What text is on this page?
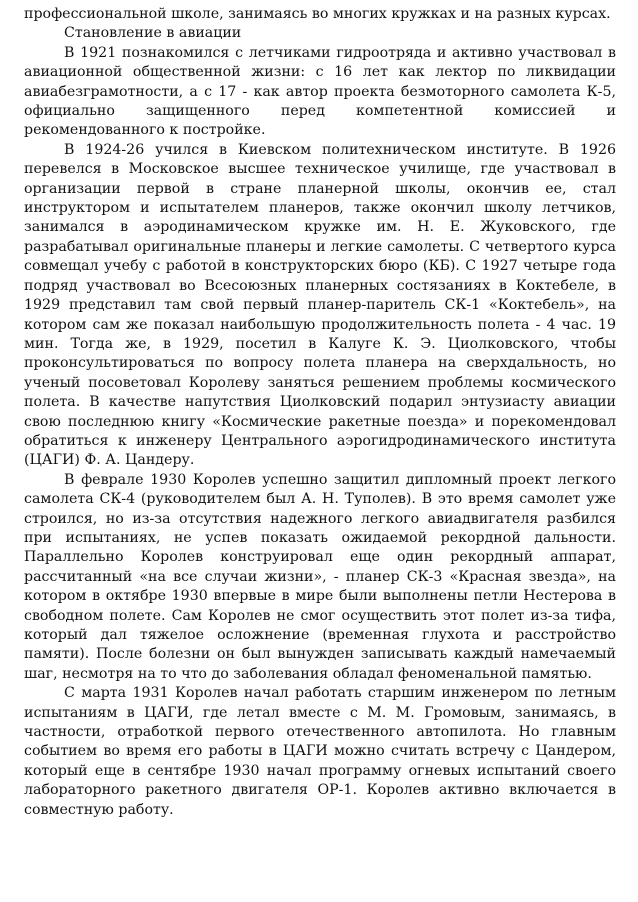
профессиональной школе, занимаясь во многих кружках и на разных курсах.

Становление в авиации

В 1921 познакомился с летчиками гидроотряда и активно участвовал в авиационной общественной жизни: с 16 лет как лектор по ликвидации авиабезграмотности, а с 17 - как автор проекта безмоторного самолета К-5, официально защищенного перед компетентной комиссией и рекомендованного к постройке.

В 1924-26 учился в Киевском политехническом институте. В 1926 перевелся в Московское высшее техническое училище, где участвовал в организации первой в стране планерной школы, окончив ее, стал инструктором и испытателем планеров, также окончил школу летчиков, занимался в аэродинамическом кружке им. Н. Е. Жуковского, где разрабатывал оригинальные планеры и легкие самолеты. С четвертого курса совмещал учебу с работой в конструкторских бюро (КБ). С 1927 четыре года подряд участвовал во Всесоюзных планерных состязаниях в Коктебеле, в 1929 представил там свой первый планер-паритель СК-1 «Коктебель», на котором сам же показал наибольшую продолжительность полета - 4 час. 19 мин. Тогда же, в 1929, посетил в Калуге К. Э. Циолковского, чтобы проконсультироваться по вопросу полета планера на сверхдальность, но ученый посоветовал Королеву заняться решением проблемы космического полета. В качестве напутствия Циолковский подарил энтузиасту авиации свою последнюю книгу «Космические ракетные поезда» и порекомендовал обратиться к инженеру Центрального аэрогидродинамического института (ЦАГИ) Ф. А. Цандеру.

В феврале 1930 Королев успешно защитил дипломный проект легкого самолета СК-4 (руководителем был А. Н. Туполев). В это время самолет уже строился, но из-за отсутствия надежного легкого авиадвигателя разбился при испытаниях, не успев показать ожидаемой рекордной дальности. Параллельно Королев конструировал еще один рекордный аппарат, рассчитанный «на все случаи жизни», - планер СК-3 «Красная звезда», на котором в октябре 1930 впервые в мире были выполнены петли Нестерова в свободном полете. Сам Королев не смог осуществить этот полет из-за тифа, который дал тяжелое осложнение (временная глухота и расстройство памяти). После болезни он был вынужден записывать каждый намечаемый шаг, несмотря на то что до заболевания обладал феноменальной памятью.

С марта 1931 Королев начал работать старшим инженером по летным испытаниям в ЦАГИ, где летал вместе с М. М. Громовым, занимаясь, в частности, отработкой первого отечественного автопилота. Но главным событием во время его работы в ЦАГИ можно считать встречу с Цандером, который еще в сентябре 1930 начал программу огневых испытаний своего лабораторного ракетного двигателя ОР-1. Королев активно включается в совместную работу.
